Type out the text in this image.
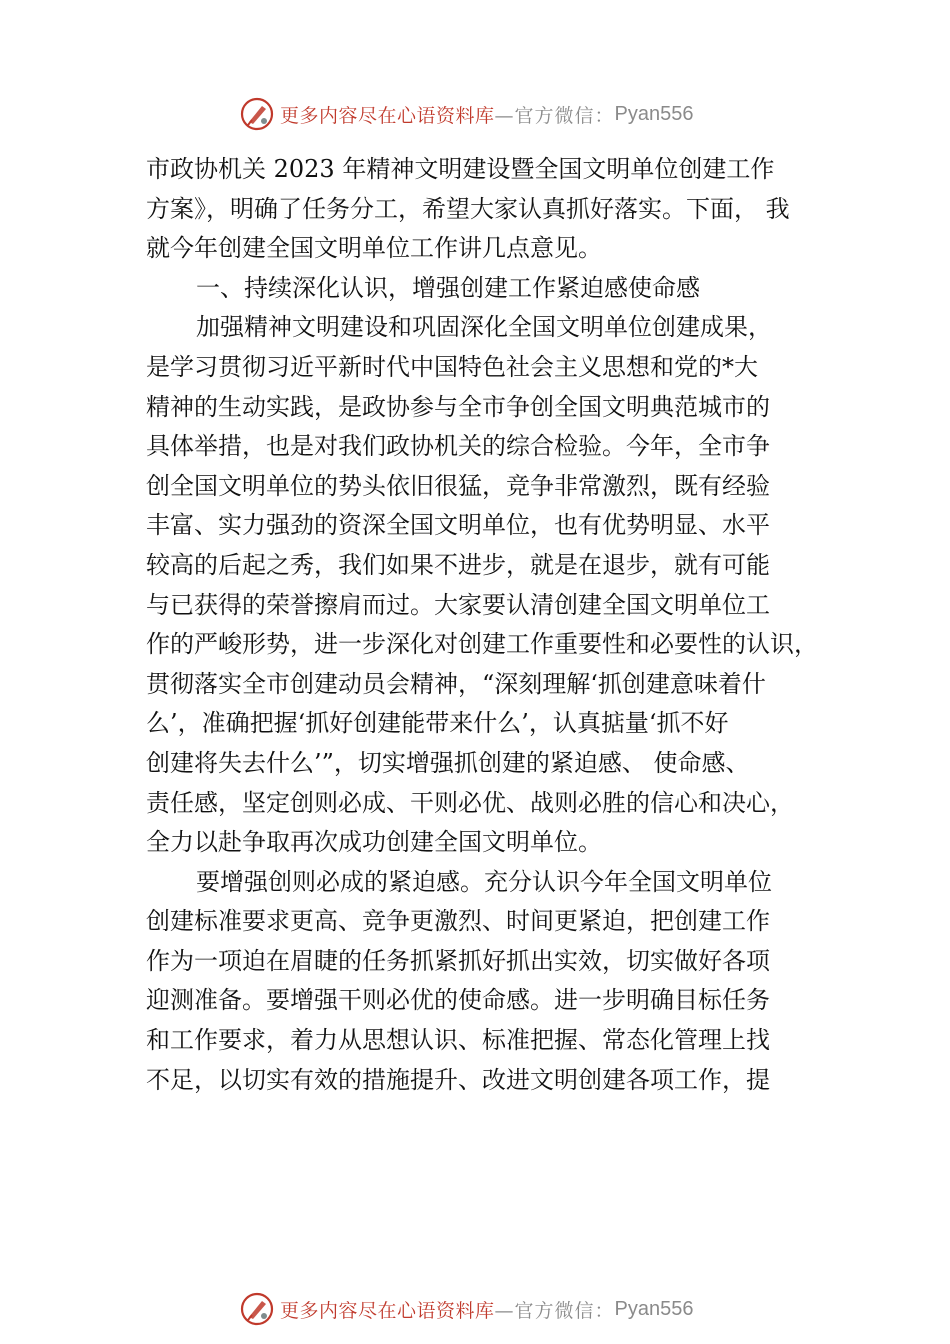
更多内容尽在心语资料库 —官方微信： Pyan556
市政协机关 2023 年精神文明建设暨全国文明单位创建工作
方案》，明确了任务分工，希望大家认真抓好落实。下面， 我
就今年创建全国文明单位工作讲几点意见。
一、持续深化认识，增强创建工作紧迫感使命感
加强精神文明建设和巩固深化全国文明单位创建成果，
是学习贯彻习近平新时代中国特色社会主义思想和党的*大
精神的生动实践，是政协参与全市争创全国文明典范城市的
具体举措，也是对我们政协机关的综合检验。今年，全市争
创全国文明单位的势头依旧很猛，竞争非常激烈，既有经验
丰富、实力强劲的资深全国文明单位，也有优势明显、水平
较高的后起之秀，我们如果不进步，就是在退步，就有可能
与已获得的荣誉擦肩而过。大家要认清创建全国文明单位工
作的严峻形势，进一步深化对创建工作重要性和必要性的认识，
贯彻落实全市创建动员会精神，“深刻理解‘抓创建意味着什
么’，准确把握‘抓好创建能带来什么’，认真掂量‘抓不好
创建将失去什么’”，切实增强抓创建的紧迫感、 使命感、
责任感，坚定创则必成、干则必优、战则必胜的信心和决心，
全力以赴争取再次成功创建全国文明单位。
要增强创则必成的紧迫感。充分认识今年全国文明单位
创建标准要求更高、竞争更激烈、时间更紧迫，把创建工作
作为一项迫在眉睫的任务抓紧抓好抓出实效，切实做好各项
迎测准备。要增强干则必优的使命感。进一步明确目标任务
和工作要求，着力从思想认识、标准把握、常态化管理上找
不足，以切实有效的措施提升、改进文明创建各项工作，提
更多内容尽在心语资料库 —官方微信： Pyan556
